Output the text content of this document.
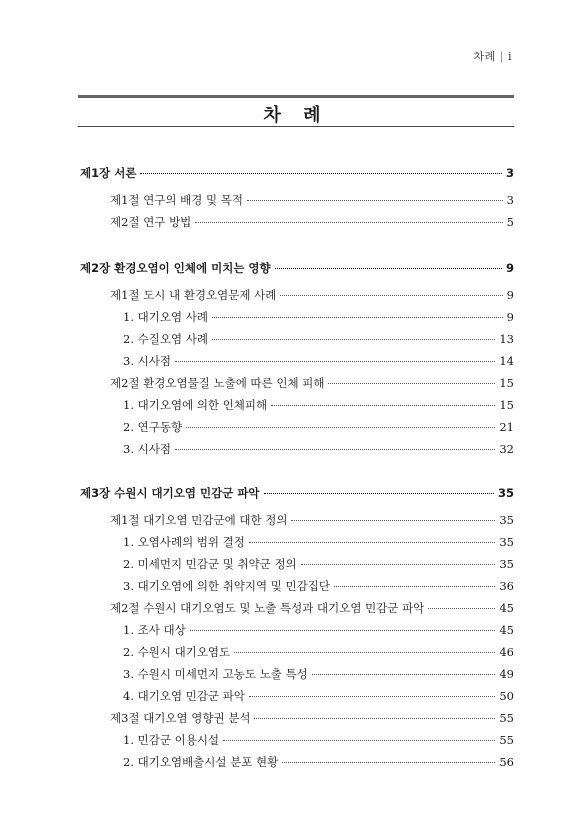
차례 | i
차 례
제1장 서론	3
제1절 연구의 배경 및 목적	3
제2절 연구 방법	5
제2장 환경오염이 인체에 미치는 영향	9
제1절 도시 내 환경오염문제 사례	9
1. 대기오염 사례	9
2. 수질오염 사례	13
3. 시사점	14
제2절 환경오염물질 노출에 따른 인체 피해	15
1. 대기오염에 의한 인체피해	15
2. 연구동향	21
3. 시사점	32
제3장 수원시 대기오염 민감군 파악	35
제1절 대기오염 민감군에 대한 정의	35
1. 오염사례의 범위 결정	35
2. 미세먼지 민감군 및 취약군 정의	35
3. 대기오염에 의한 취약지역 및 민감집단	36
제2절 수원시 대기오염도 및 노출 특성과 대기오염 민감군 파악	45
1. 조사 대상	45
2. 수원시 대기오염도	46
3. 수원시 미세먼지 고농도 노출 특성	49
4. 대기오염 민감군 파악	50
제3절 대기오염 영향권 분석	55
1. 민감군 이용시설	55
2. 대기오염배출시설 분포 현황	56
